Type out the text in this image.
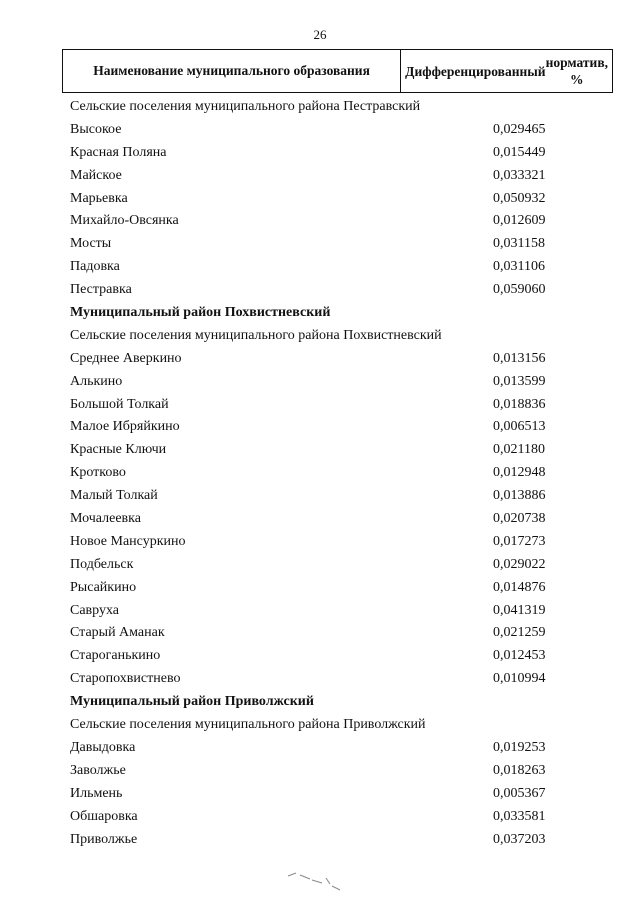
26
Наименование муниципального образования	Дифференцированный

норматив, %
Сельские поселения муниципального района Пестравский
Высокое	0,029465
Красная Поляна	0,015449
Майское	0,033321
Марьевка	0,050932
Михайло-Овсянка	0,012609
Мосты	0,031158
Падовка	0,031106
Пестравка	0,059060
Муниципальный район Похвистневский
Сельские поселения муниципального района Похвистневский
Среднее Аверкино	0,013156
Алькино	0,013599
Большой Толкай	0,018836
Малое Ибряйкино	0,006513
Красные Ключи	0,021180
Кротково	0,012948
Малый Толкай	0,013886
Мочалеевка	0,020738
Новое Мансуркино	0,017273
Подбельск	0,029022
Рысайкино	0,014876
Савруха	0,041319
Старый Аманак	0,021259
Староганькино	0,012453
Старопохвистнево	0,010994
Муниципальный район Приволжский
Сельские поселения муниципального района Приволжский
Давыдовка	0,019253
Заволжье	0,018263
Ильмень	0,005367
Обшаровка	0,033581
Приволжье	0,037203
